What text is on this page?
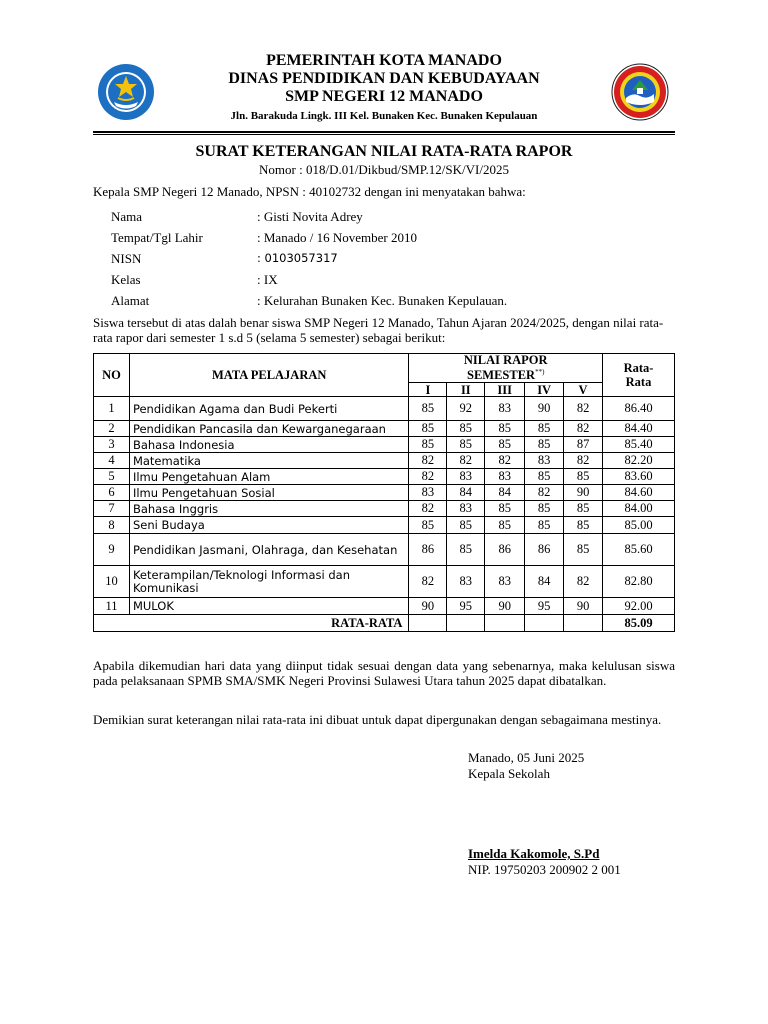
PEMERINTAH KOTA MANADO
DINAS PENDIDIKAN DAN KEBUDAYAAN
SMP NEGERI 12 MANADO
Jln. Barakuda Lingk. III Kel. Bunaken Kec. Bunaken Kepulauan
SURAT KETERANGAN NILAI RATA-RATA RAPOR
Nomor : 018/D.01/Dikbud/SMP.12/SK/VI/2025
Kepala SMP Negeri 12 Manado, NPSN : 40102732 dengan ini menyatakan bahwa:
Nama	: Gisti Novita Adrey
Tempat/Tgl Lahir	: Manado / 16 November 2010
NISN	: 0103057317
Kelas	: IX
Alamat	: Kelurahan Bunaken Kec. Bunaken Kepulauan.
Siswa tersebut di atas dalah benar siswa SMP Negeri 12 Manado, Tahun Ajaran 2024/2025, dengan nilai rata-rata rapor dari semester 1 s.d 5 (selama 5 semester) sebagai berikut:
NO	MATA PELAJARAN	NILAI RAPOR
SEMESTER**)					Rata-Rata

		I	II	III	IV	V	
1	Pendidikan Agama dan Budi Pekerti	85	92	83	90	82	86.40
2	Pendidikan Pancasila dan Kewarganegaraan	85	85	85	85	82	84.40
3	Bahasa Indonesia	85	85	85	85	87	85.40
4	Matematika	82	82	82	83	82	82.20
5	Ilmu Pengetahuan Alam	82	83	83	85	85	83.60
6	Ilmu Pengetahuan Sosial	83	84	84	82	90	84.60
7	Bahasa Inggris	82	83	85	85	85	84.00
8	Seni Budaya	85	85	85	85	85	85.00
9	Pendidikan Jasmani, Olahraga, dan Kesehatan	86	85	86	86	85	85.60
10	Keterampilan/Teknologi Informasi dan Komunikasi	82	83	83	84	82	82.80
11	MULOK	90	95	90	95	90	92.00
RATA-RATA							85.09
Apabila dikemudian hari data yang diinput tidak sesuai dengan data yang sebenarnya, maka kelulusan siswa pada pelaksanaan SPMB SMA/SMK Negeri Provinsi Sulawesi Utara tahun 2025 dapat dibatalkan.
Demikian surat keterangan nilai rata-rata ini dibuat untuk dapat dipergunakan dengan sebagaimana mestinya.
Manado, 05 Juni 2025
Kepala Sekolah
Imelda Kakomole, S.Pd
NIP. 19750203 200902 2 001
